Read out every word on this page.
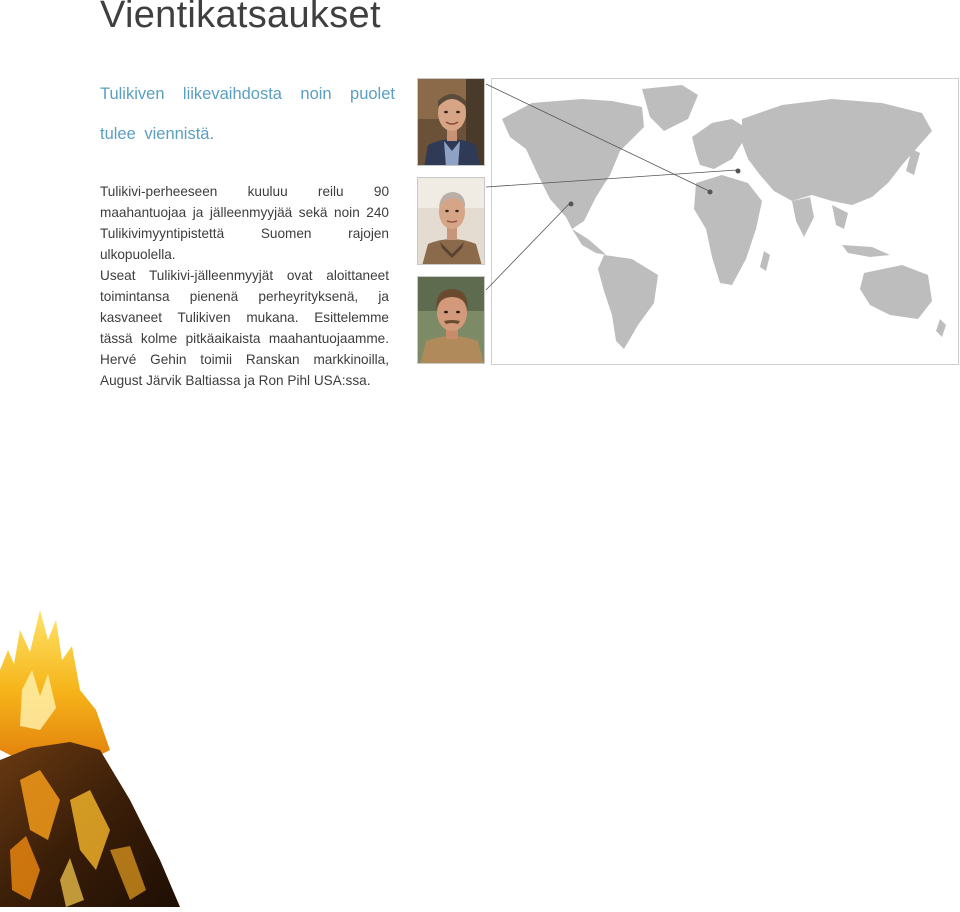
Vientikatsaukset
Tulikiven liikevaihdosta noin puolet tulee viennistä.

Tulikivi-perheeseen kuuluu reilu 90 maahantuojaa ja jälleenmyyjää sekä noin 240 Tulikivimyyntipistettä Suomen rajojen ulkopuolella.

Useat Tulikivi-jälleenmyyjät ovat aloittaneet toimintansa pienenä perheyrityksenä, ja kasvaneet Tulikiven mukana. Esittelemme tässä kolme pitkäaikaista maahantuojaamme. Hervé Gehin toimii Ranskan markkinoilla, August Järvik Baltiassa ja Ron Pihl USA:ssa.
